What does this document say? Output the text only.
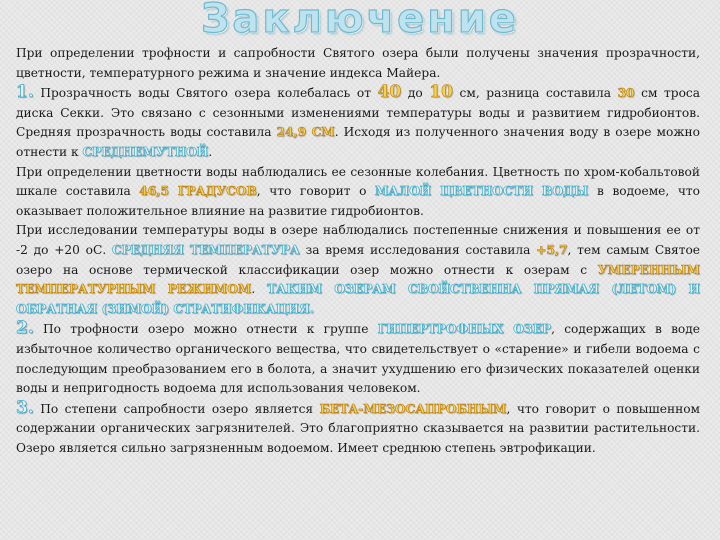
Заключение

При определении трофности и сапробности Святого озера были получены значения прозрачности, цветности, температурного режима и значение индекса Майера.

1. Прозрачность воды Святого озера колебалась от 40 до 10 см, разница составила 30 см троса диска Секки. Это связано с сезонными изменениями температуры воды и развитием гидробионтов. Средняя прозрачность воды составила 24,9 СМ. Исходя из полученного значения воду в озере можно отнести к СРЕДНЕМУТНОЙ.

При определении цветности воды наблюдались ее сезонные колебания. Цветность по хром-кобальтовой шкале составила 46,5 ГРАДУСОВ, что говорит о МАЛОЙ ЦВЕТНОСТИ ВОДЫ в водоеме, что оказывает положительное влияние на развитие гидробионтов.

При исследовании температуры воды в озере наблюдались постепенные снижения и повышения ее от -2 до +20 оС. СРЕДНЯЯ ТЕМПЕРАТУРА за время исследования составила +5,7, тем самым Святое озеро на основе термической классификации озер можно отнести к озерам с УМЕРЕННЫМ ТЕМПЕРАТУРНЫМ РЕЖИМОМ. ТАКИМ ОЗЕРАМ СВОЙСТВЕННА ПРЯМАЯ (ЛЕТОМ) И ОБРАТНАЯ (ЗИМОЙ) СТРАТИФИКАЦИЯ.

2. По трофности озеро можно отнести к группе ГИПЕРТРОФНЫХ ОЗЕР, содержащих в воде избыточное количество органического вещества, что свидетельствует о «старение» и гибели водоема с последующим преобразованием его в болота, а значит ухудшению его физических показателей оценки воды и непригодность водоема для использования человеком.

3. По степени сапробности озеро является БЕТА-МЕЗОСАПРОБНЫМ, что говорит о повышенном содержании органических загрязнителей. Это благоприятно сказывается на развитии растительности. Озеро является сильно загрязненным водоемом. Имеет среднюю степень эвтрофикации.
